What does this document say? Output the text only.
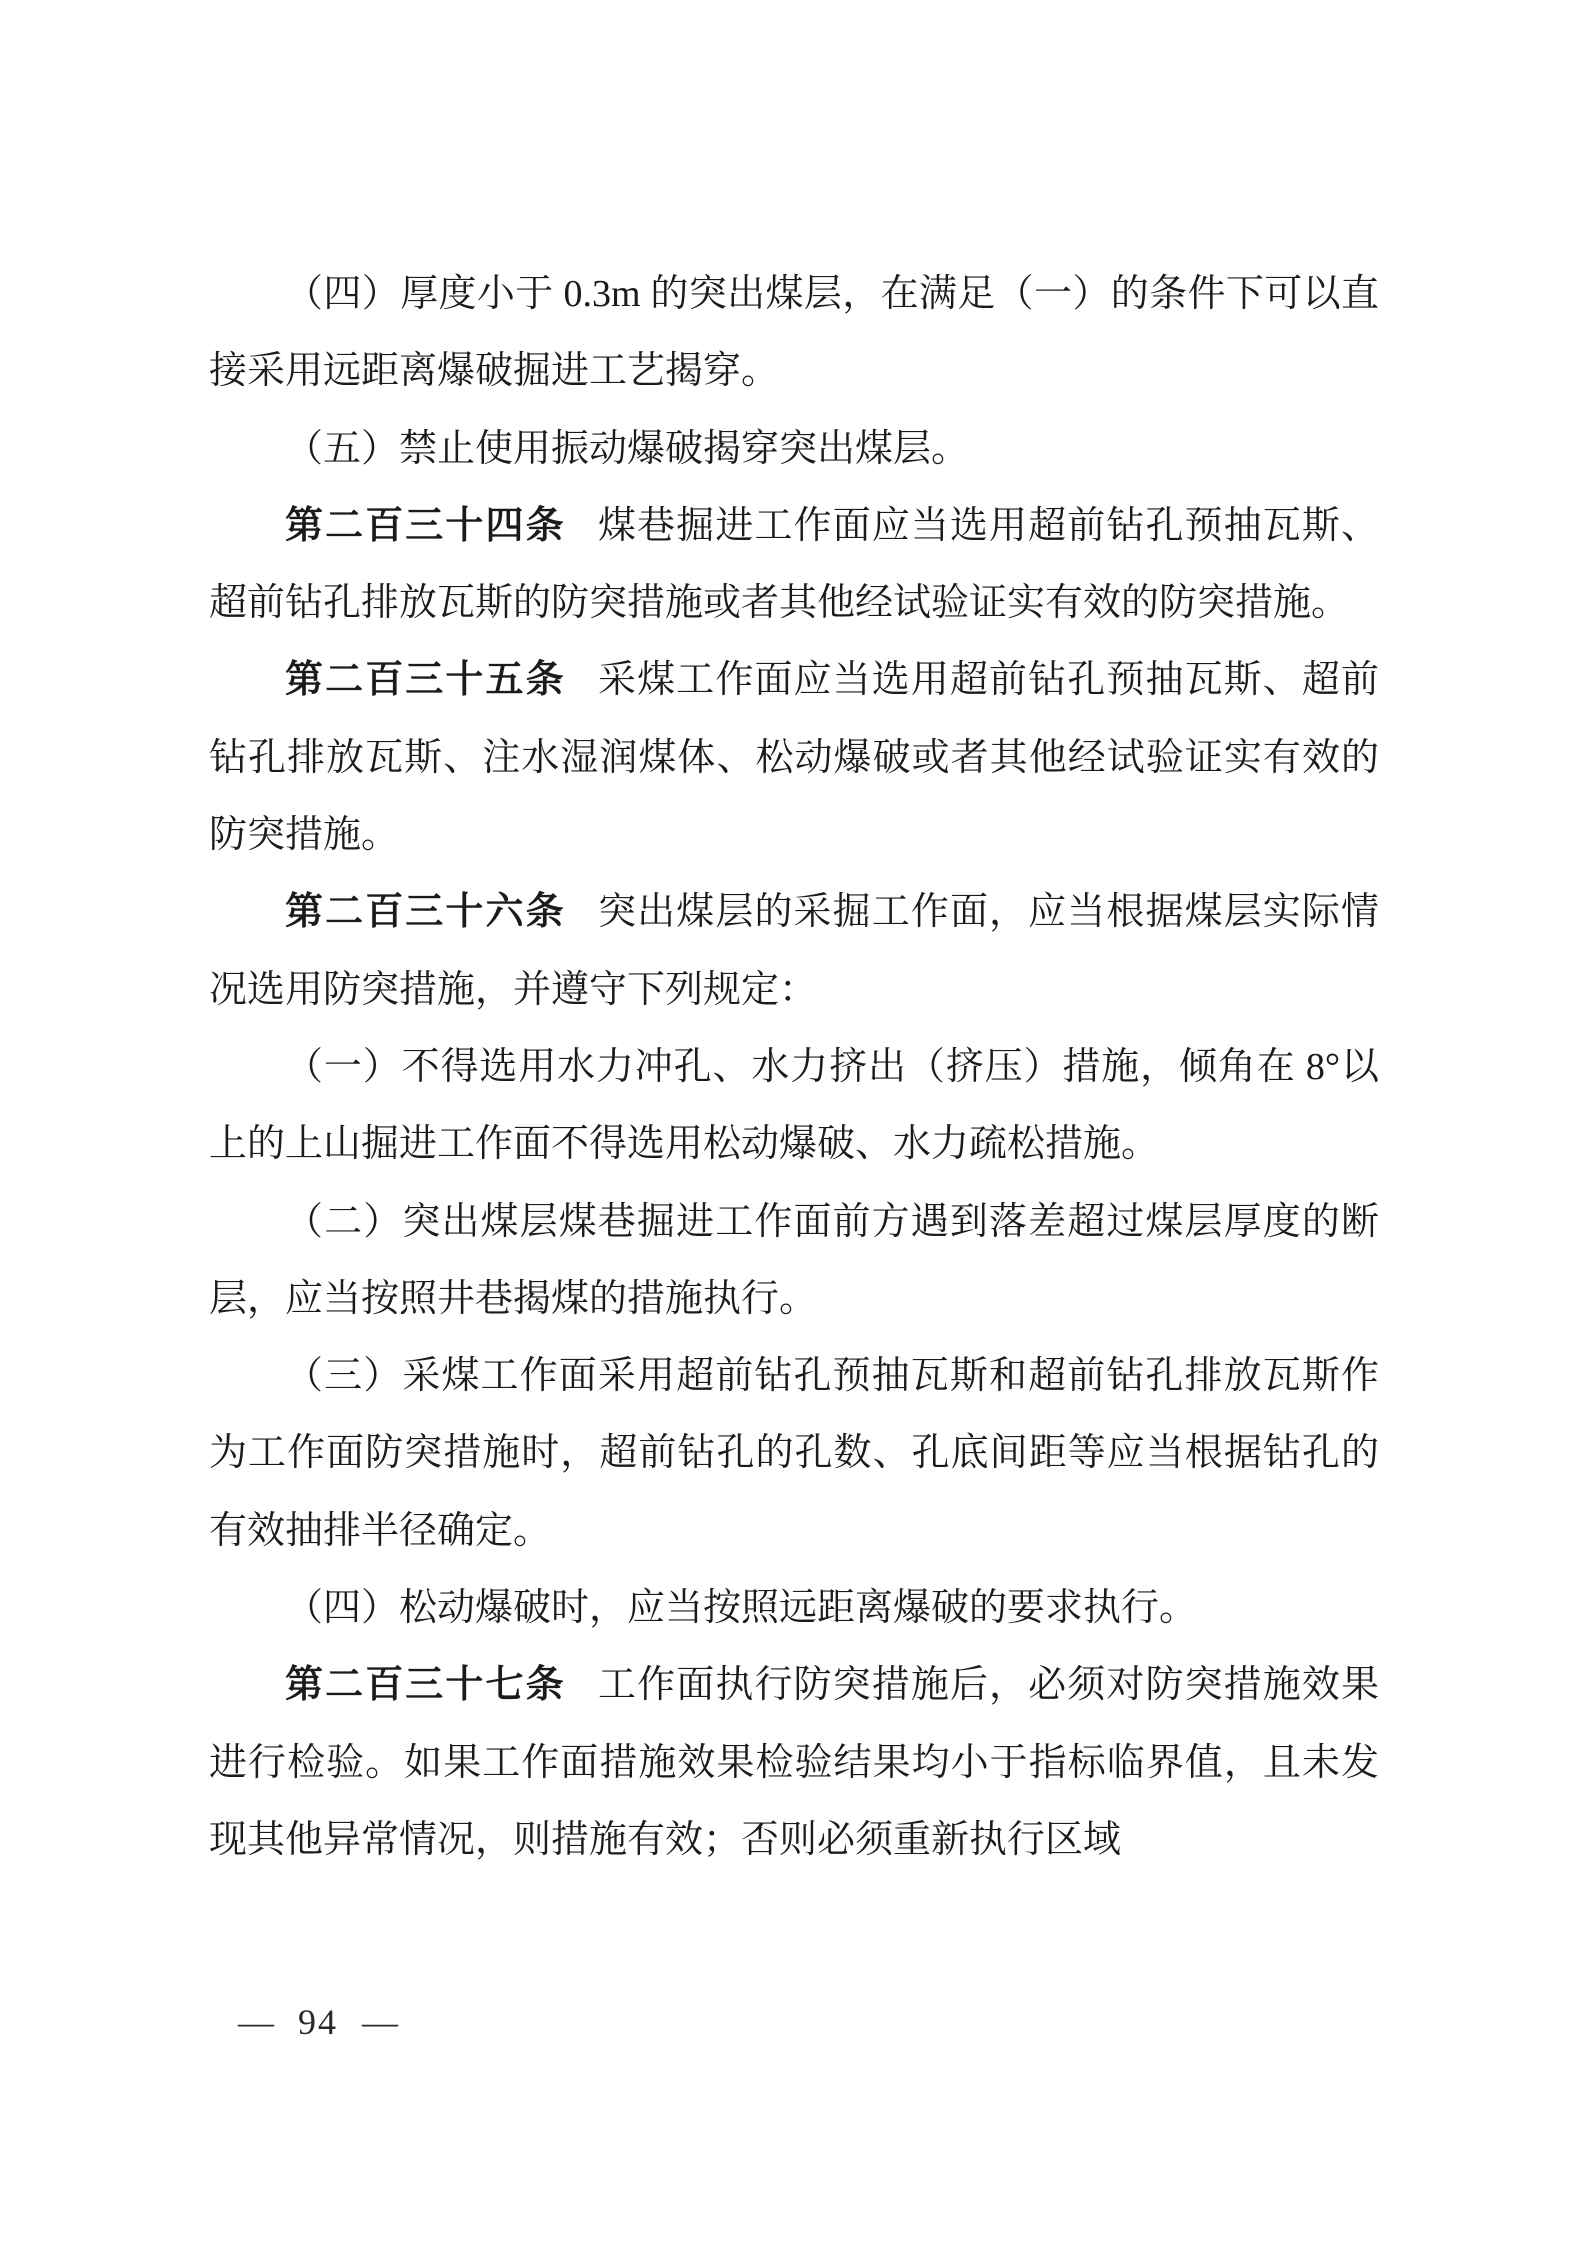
（四）厚度小于 0.3m 的突出煤层，在满足（一）的条件下可以直接采用远距离爆破掘进工艺揭穿。

（五）禁止使用振动爆破揭穿突出煤层。

第二百三十四条 煤巷掘进工作面应当选用超前钻孔预抽瓦斯、超前钻孔排放瓦斯的防突措施或者其他经试验证实有效的防突措施。

第二百三十五条 采煤工作面应当选用超前钻孔预抽瓦斯、超前钻孔排放瓦斯、注水湿润煤体、松动爆破或者其他经试验证实有效的防突措施。

第二百三十六条 突出煤层的采掘工作面，应当根据煤层实际情况选用防突措施，并遵守下列规定：

（一）不得选用水力冲孔、水力挤出（挤压）措施，倾角在 8°以上的上山掘进工作面不得选用松动爆破、水力疏松措施。

（二）突出煤层煤巷掘进工作面前方遇到落差超过煤层厚度的断层，应当按照井巷揭煤的措施执行。

（三）采煤工作面采用超前钻孔预抽瓦斯和超前钻孔排放瓦斯作为工作面防突措施时，超前钻孔的孔数、孔底间距等应当根据钻孔的有效抽排半径确定。

（四）松动爆破时，应当按照远距离爆破的要求执行。

第二百三十七条 工作面执行防突措施后，必须对防突措施效果进行检验。如果工作面措施效果检验结果均小于指标临界值，且未发现其他异常情况，则措施有效；否则必须重新执行区域

— 94 —
